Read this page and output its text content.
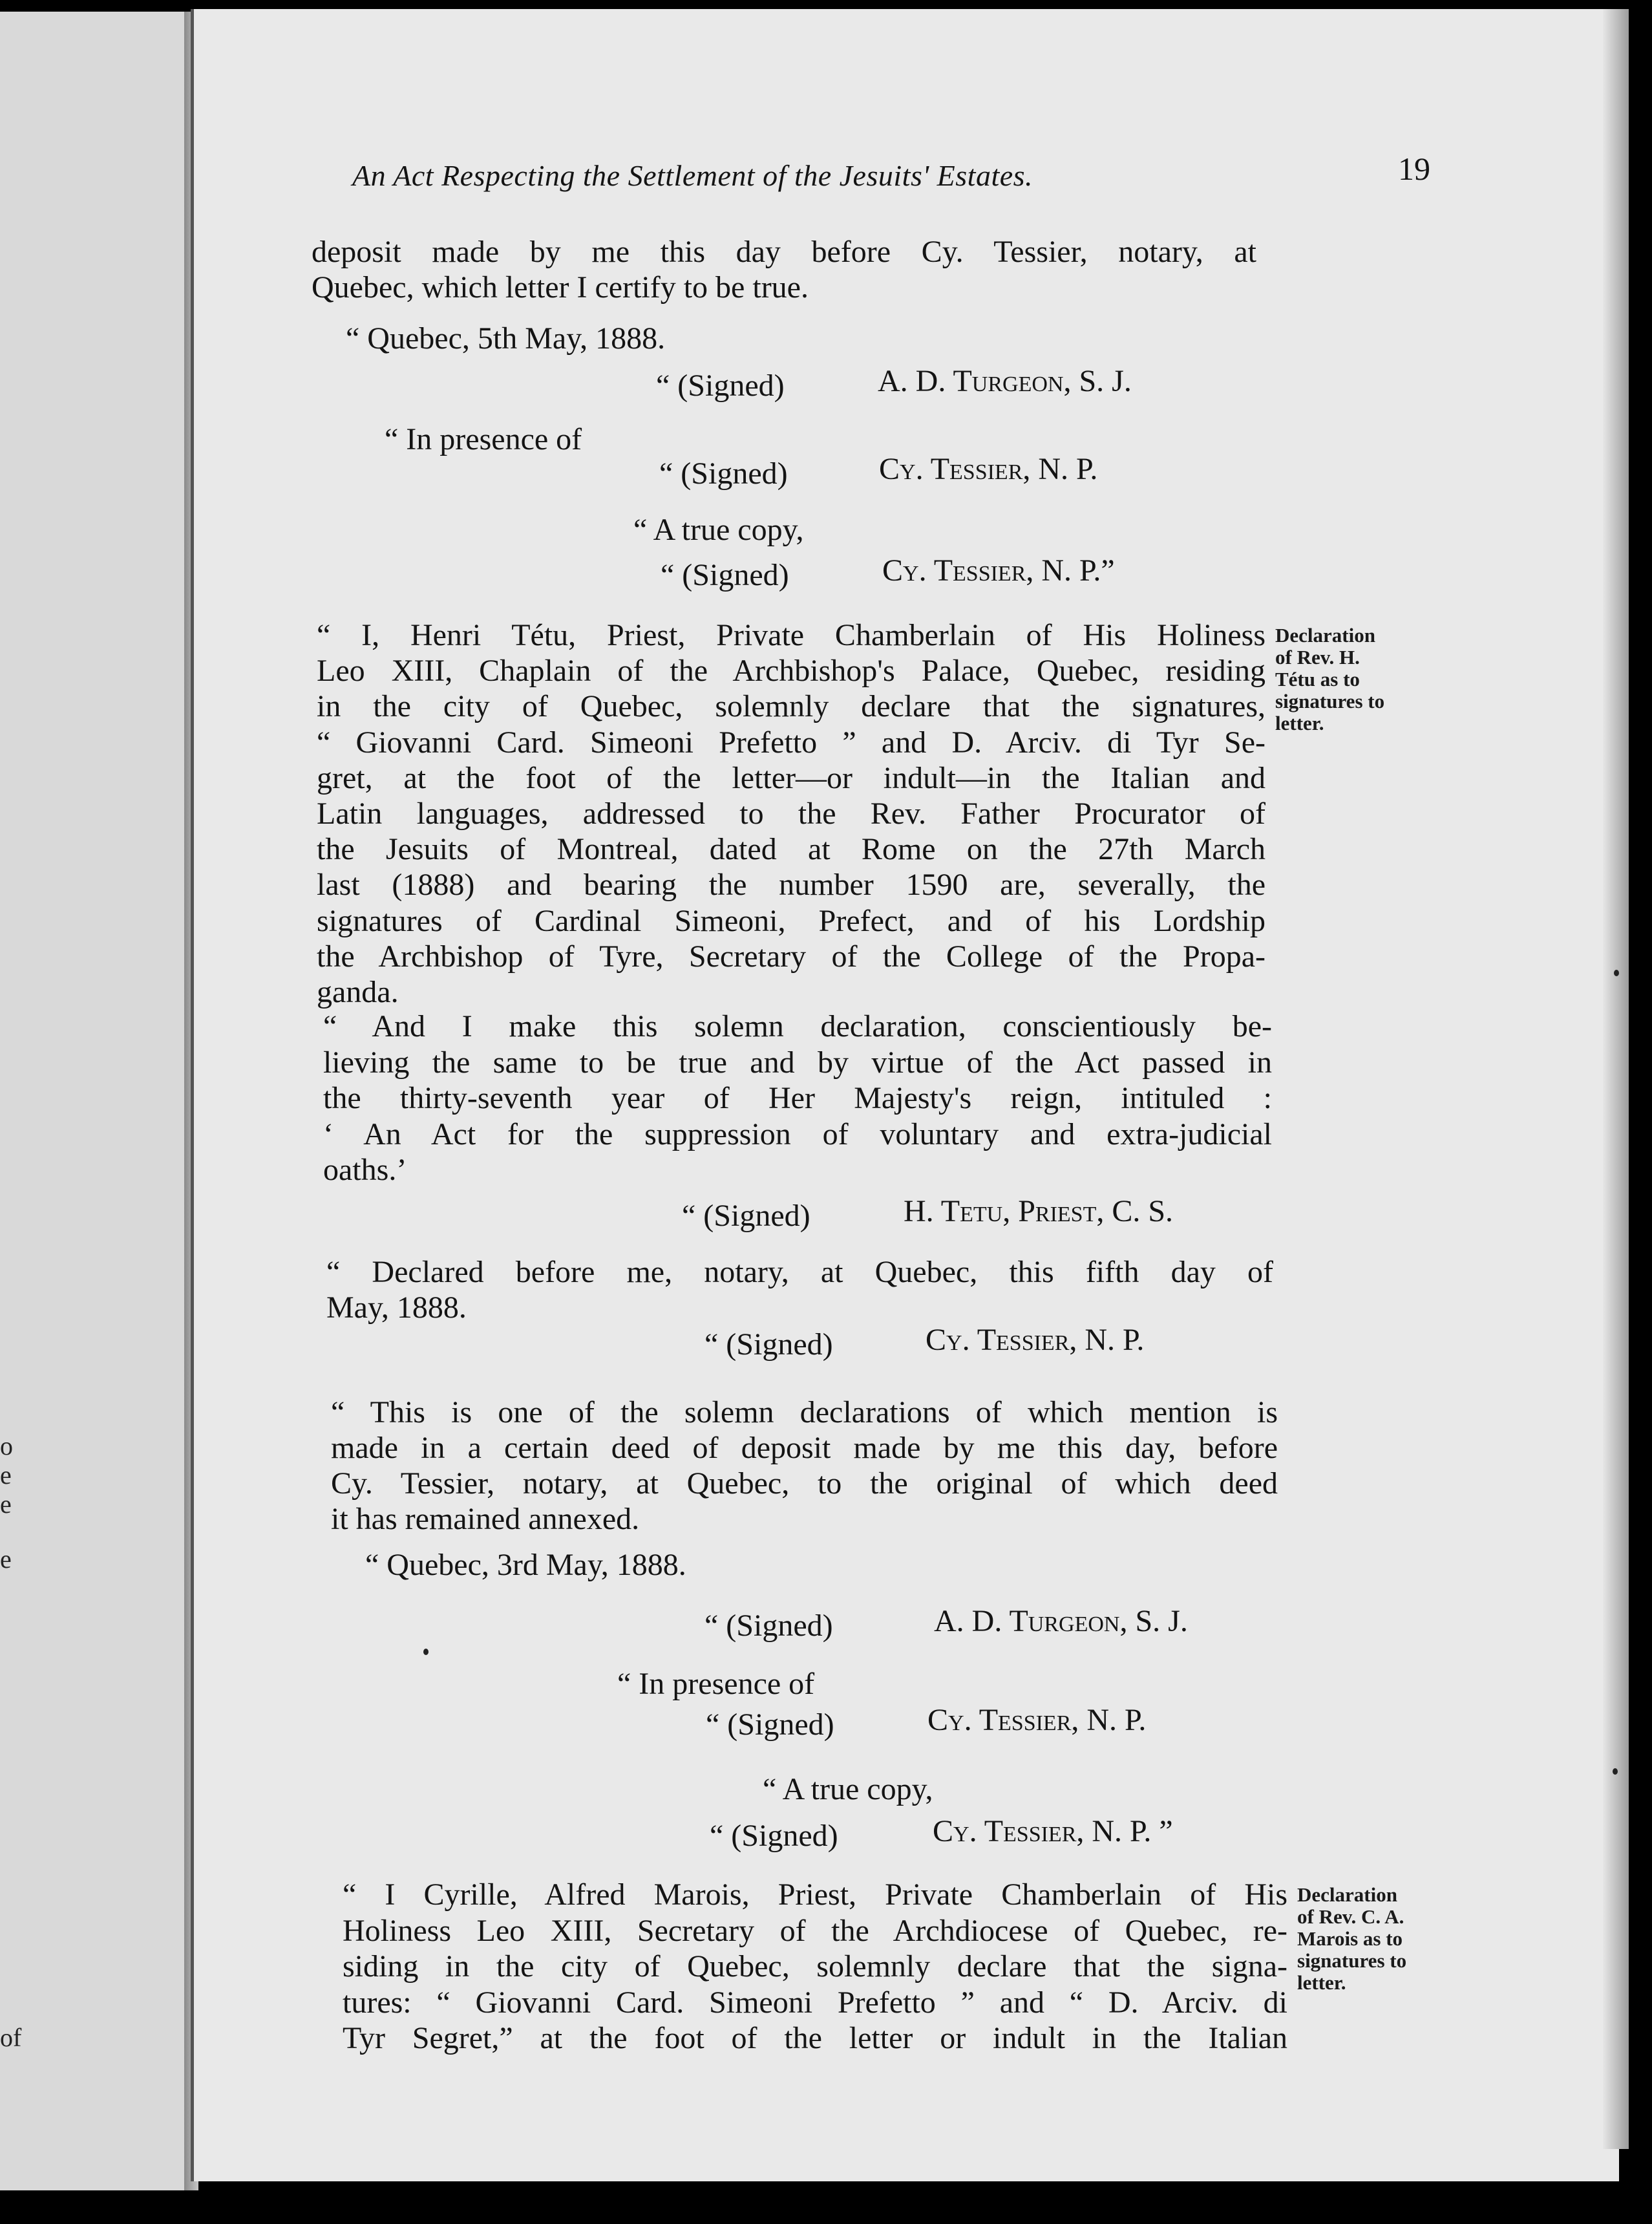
o
e
e
e
of
An Act Respecting the Settlement of the Jesuits' Estates.	19
deposit made by me this day before Cy. Tessier, notary, at
Quebec, which letter I certify to be true.
“ Quebec, 5th May, 1888.
“ (Signed)	A. D. Turgeon, S. J.
“ In presence of
“ (Signed)	Cy. Tessier, N. P.
“ A true copy,
“ (Signed)	Cy. Tessier, N. P.”
“ I, Henri Tétu, Priest, Private Chamberlain of His Holiness
Leo XIII, Chaplain of the Archbishop's Palace, Quebec, residing
in the city of Quebec, solemnly declare that the signatures,
“ Giovanni Card. Simeoni Prefetto ” and D. Arciv. di Tyr Se-
gret, at the foot of the letter—or indult—in the Italian and
Latin languages, addressed to the Rev. Father Procurator of
the Jesuits of Montreal, dated at Rome on the 27th March
last (1888) and bearing the number 1590 are, severally, the
signatures of Cardinal Simeoni, Prefect, and of his Lordship
the Archbishop of Tyre, Secretary of the College of the Propa-
ganda.
Declaration
of Rev. H.
Tétu as to
signatures to
letter.
“ And I make this solemn declaration, conscientiously be-
lieving the same to be true and by virtue of the Act passed in
the thirty-seventh year of Her Majesty's reign, intituled :
‘ An Act for the suppression of voluntary and extra-judicial
oaths.’
“ (Signed)	H. Tetu, Priest, C. S.
“ Declared before me, notary, at Quebec, this fifth day of
May, 1888.
“ (Signed)	Cy. Tessier, N. P.
“ This is one of the solemn declarations of which mention is
made in a certain deed of deposit made by me this day, before
Cy. Tessier, notary, at Quebec, to the original of which deed
it has remained annexed.
“ Quebec, 3rd May, 1888.
“ (Signed)	A. D. Turgeon, S. J.
“ In presence of
“ (Signed)	Cy. Tessier, N. P.
“ A true copy,
“ (Signed)	Cy. Tessier, N. P. ”
“ I Cyrille, Alfred Marois, Priest, Private Chamberlain of His
Holiness Leo XIII, Secretary of the Archdiocese of Quebec, re-
siding in the city of Quebec, solemnly declare that the signa-
tures: “ Giovanni Card. Simeoni Prefetto ” and “ D. Arciv. di
Tyr Segret,” at the foot of the letter or indult in the Italian
Declaration
of Rev. C. A.
Marois as to
signatures to
letter.
